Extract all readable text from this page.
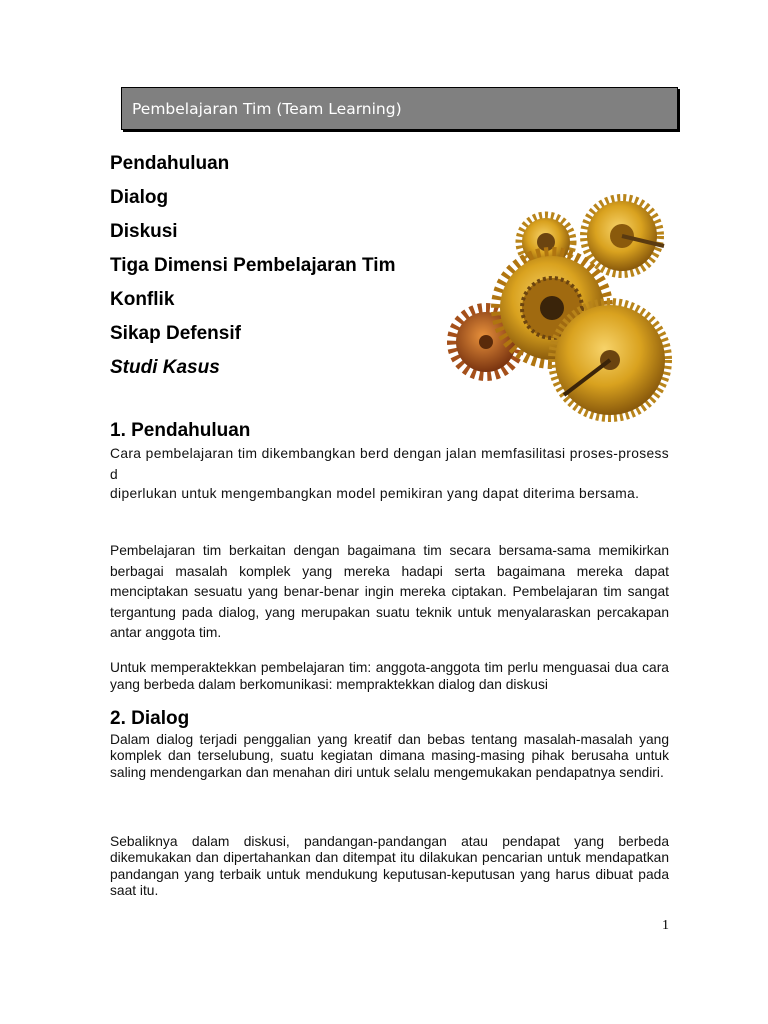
Pembelajaran Tim (Team Learning)
Pendahuluan
Dialog
Diskusi
Tiga Dimensi Pembelajaran Tim
Konflik
Sikap Defensif
Studi Kasus
1. Pendahuluan

Cara pembelajaran tim dikembangkan berd dengan jalan memfasilitasi proses-prosess d

diperlukan untuk mengembangkan model pemikiran yang dapat diterima bersama.

Pembelajaran tim berkaitan dengan bagaimana tim secara bersama-sama memikirkan berbagai masalah komplek yang mereka hadapi serta bagaimana mereka dapat menciptakan sesuatu yang benar-benar ingin mereka ciptakan. Pembelajaran tim sangat tergantung pada dialog, yang merupakan suatu teknik untuk menyalaraskan percakapan antar anggota tim.

Untuk memperaktekkan pembelajaran tim: anggota-anggota tim perlu menguasai dua cara yang berbeda dalam berkomunikasi: mempraktekkan dialog dan diskusi

2. Dialog

Dalam dialog terjadi penggalian yang kreatif dan bebas tentang masalah-masalah yang komplek dan terselubung, suatu kegiatan dimana masing-masing pihak berusaha untuk saling mendengarkan dan menahan diri untuk selalu mengemukakan pendapatnya sendiri.

Sebaliknya dalam diskusi, pandangan-pandangan atau pendapat yang berbeda dikemukakan dan dipertahankan dan ditempat itu dilakukan pencarian untuk mendapatkan pandangan yang terbaik untuk mendukung keputusan-keputusan yang harus dibuat pada saat itu.

1
